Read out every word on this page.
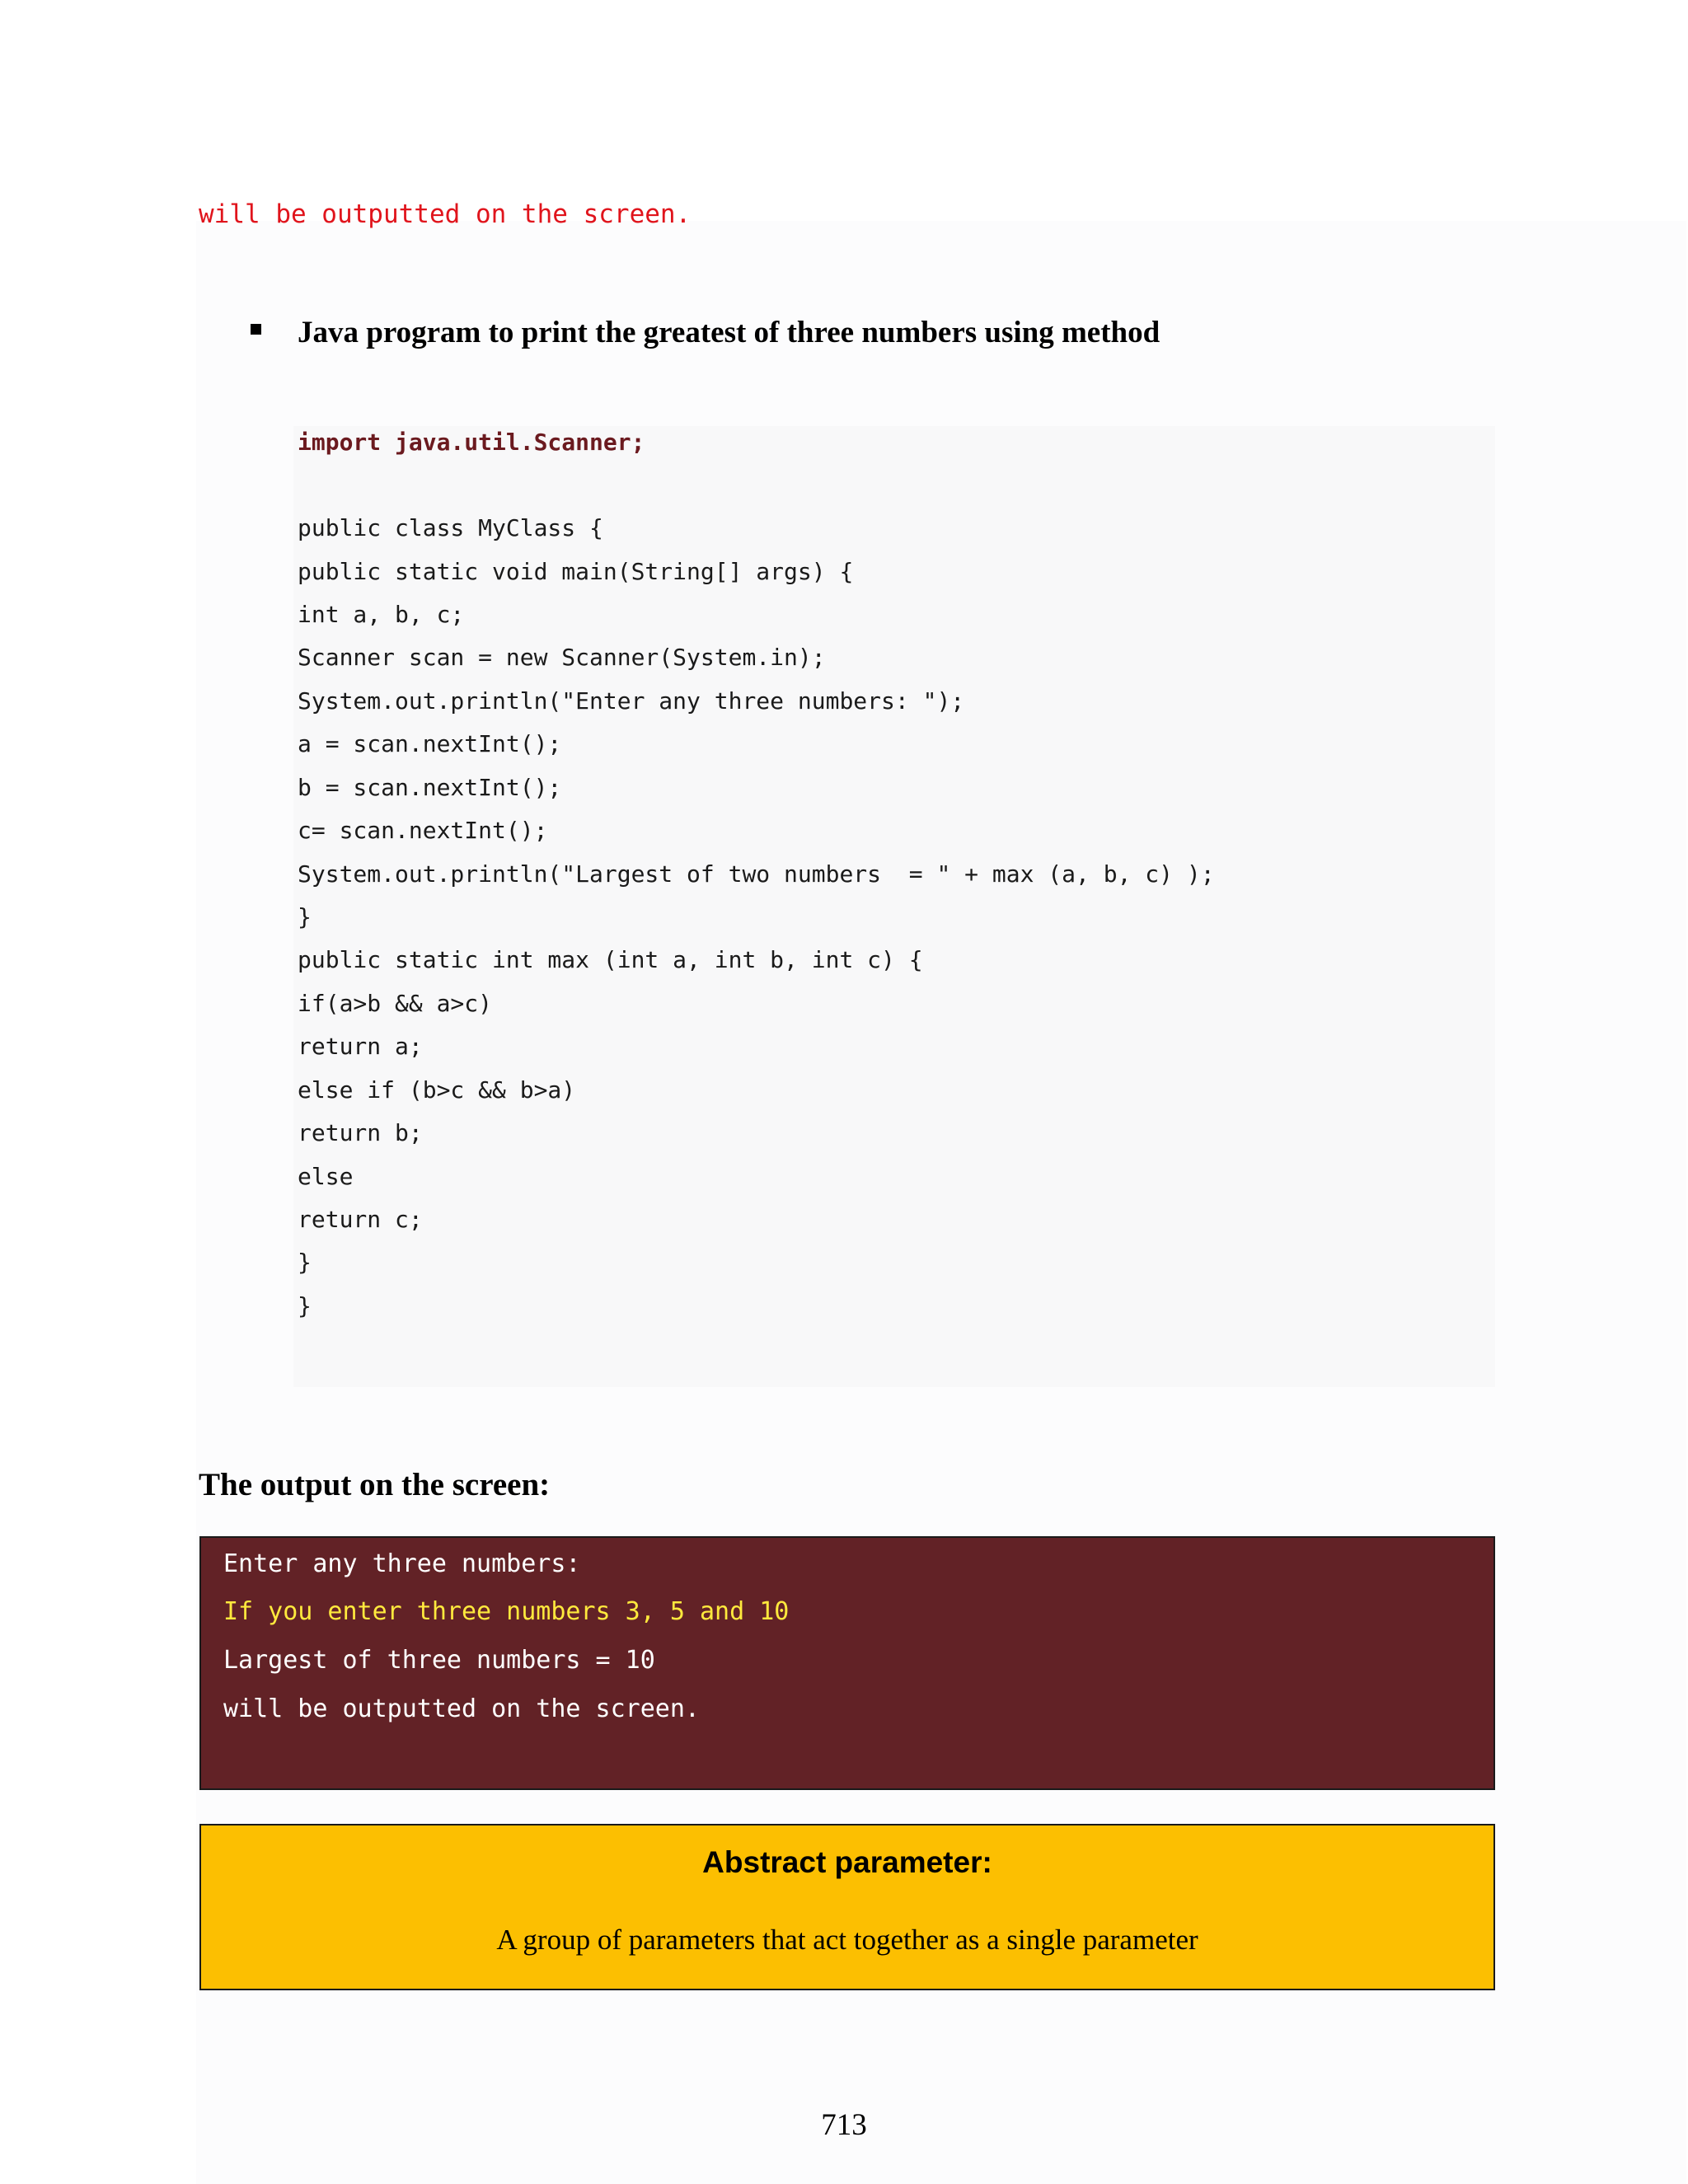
will be outputted on the screen.
Java program to print the greatest of three numbers using method
import java.util.Scanner;
public class MyClass {
public static void main(String[] args) {
int a, b, c;
Scanner scan = new Scanner(System.in);
System.out.println("Enter any three numbers: ");
a = scan.nextInt();
b = scan.nextInt();
c= scan.nextInt();
System.out.println("Largest of two numbers  = " + max (a, b, c) );
}
public static int max (int a, int b, int c) {
if(a>b && a>c)
return a;
else if (b>c && b>a)
return b;
else
return c;
}
}
The output on the screen:
Enter any three numbers:
If you enter three numbers 3, 5 and 10
Largest of three numbers = 10
will be outputted on the screen.
Abstract parameter:
A group of parameters that act together as a single parameter
713
